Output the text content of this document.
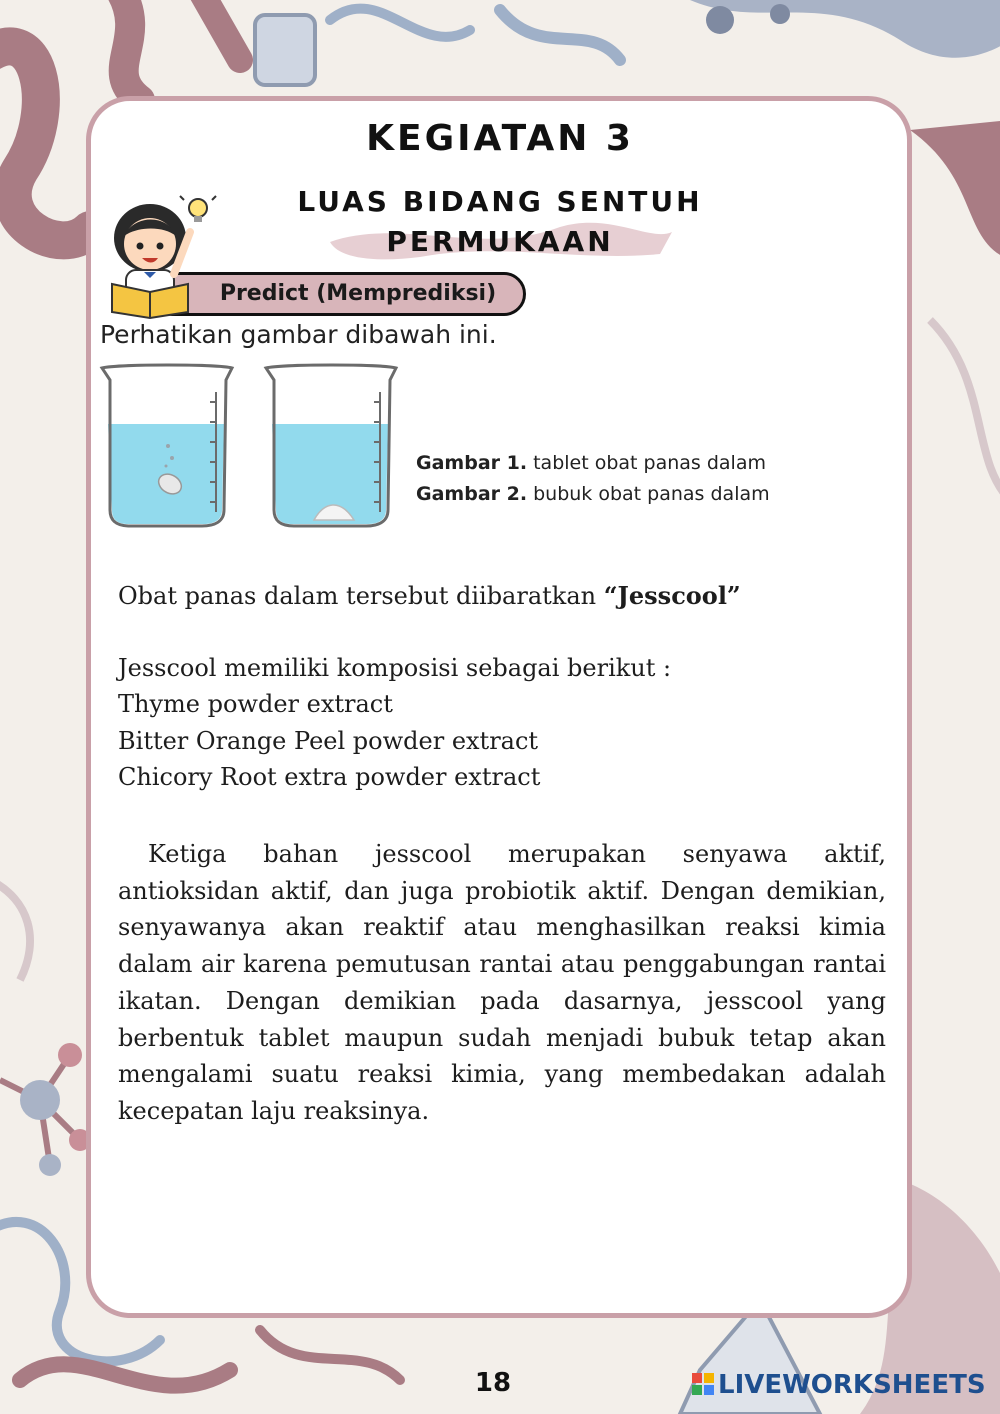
KEGIATAN 3
LUAS BIDANG SENTUH
PERMUKAAN
Predict (Memprediksi)
Perhatikan gambar dibawah ini.
Gambar 1. tablet obat panas dalam
Gambar 2. bubuk obat panas dalam
Obat panas dalam tersebut diibaratkan “Jesscool”
Jesscool memiliki komposisi sebagai berikut :
Thyme powder extract
Bitter Orange Peel powder extract
Chicory Root extra powder extract
Ketiga bahan jesscool merupakan senyawa aktif, antioksidan aktif, dan juga probiotik aktif. Dengan demikian, senyawanya akan reaktif atau menghasilkan reaksi kimia dalam air karena pemutusan rantai atau penggabungan rantai ikatan. Dengan demikian pada dasarnya, jesscool yang berbentuk tablet maupun sudah menjadi bubuk tetap akan mengalami suatu reaksi kimia, yang membedakan adalah kecepatan laju reaksinya.
18	LIVEWORKSHEETS
